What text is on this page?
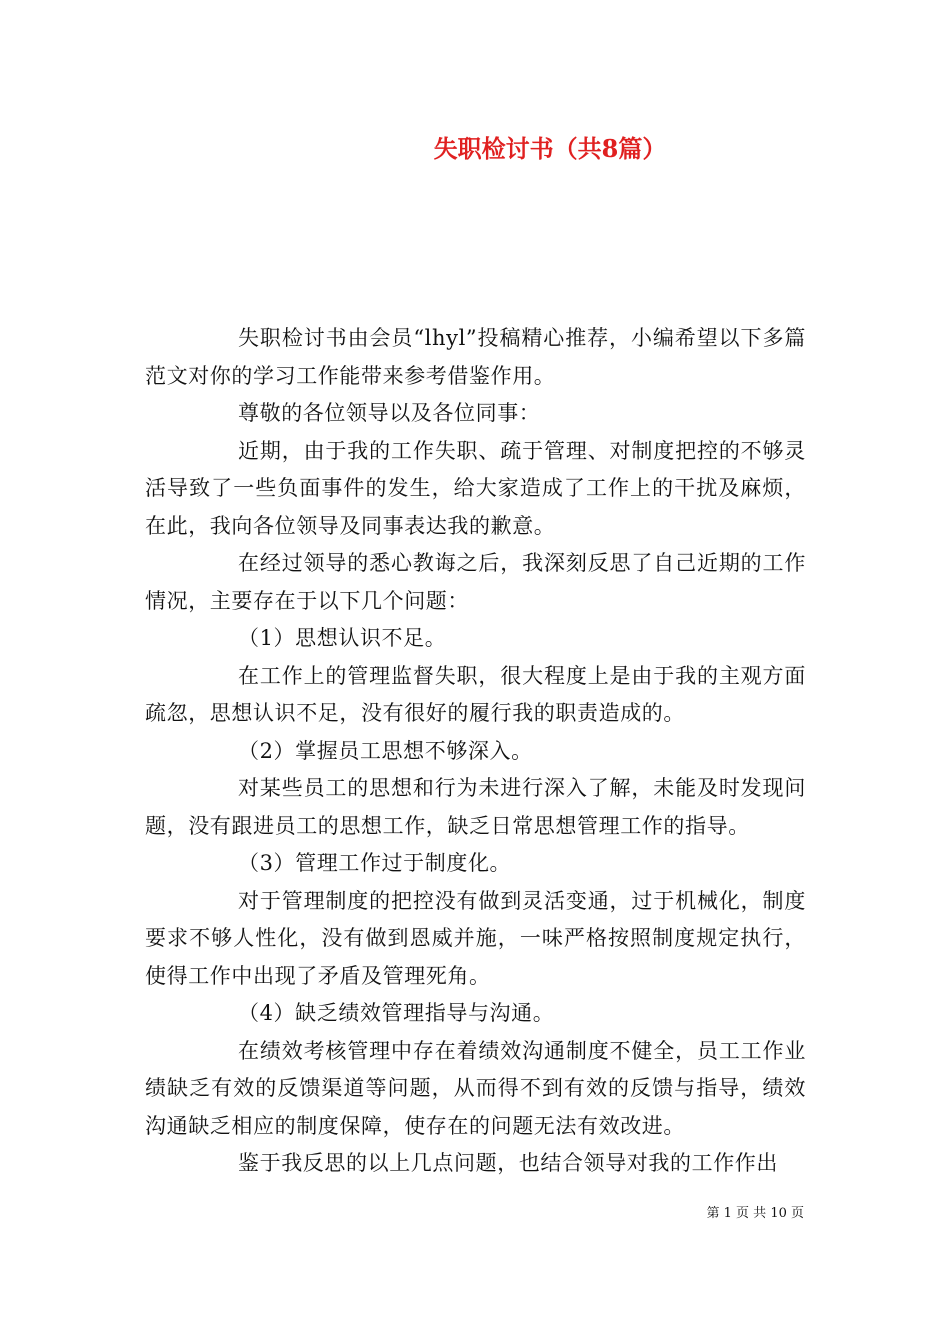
失职检讨书（共8篇）

失职检讨书由会员“lhyl”投稿精心推荐，小编希望以下多篇范文对你的学习工作能带来参考借鉴作用。

尊敬的各位领导以及各位同事：

近期，由于我的工作失职、疏于管理、对制度把控的不够灵活导致了一些负面事件的发生，给大家造成了工作上的干扰及麻烦，在此，我向各位领导及同事表达我的歉意。

在经过领导的悉心教诲之后，我深刻反思了自己近期的工作情况，主要存在于以下几个问题：

（1）思想认识不足。

在工作上的管理监督失职，很大程度上是由于我的主观方面疏忽，思想认识不足，没有很好的履行我的职责造成的。

（2）掌握员工思想不够深入。

对某些员工的思想和行为未进行深入了解，未能及时发现问题，没有跟进员工的思想工作，缺乏日常思想管理工作的指导。

（3）管理工作过于制度化。

对于管理制度的把控没有做到灵活变通，过于机械化，制度要求不够人性化，没有做到恩威并施，一味严格按照制度规定执行，使得工作中出现了矛盾及管理死角。

（4）缺乏绩效管理指导与沟通。

在绩效考核管理中存在着绩效沟通制度不健全，员工工作业绩缺乏有效的反馈渠道等问题，从而得不到有效的反馈与指导，绩效沟通缺乏相应的制度保障，使存在的问题无法有效改进。

鉴于我反思的以上几点问题，也结合领导对我的工作作出

第 1 页 共 10 页
